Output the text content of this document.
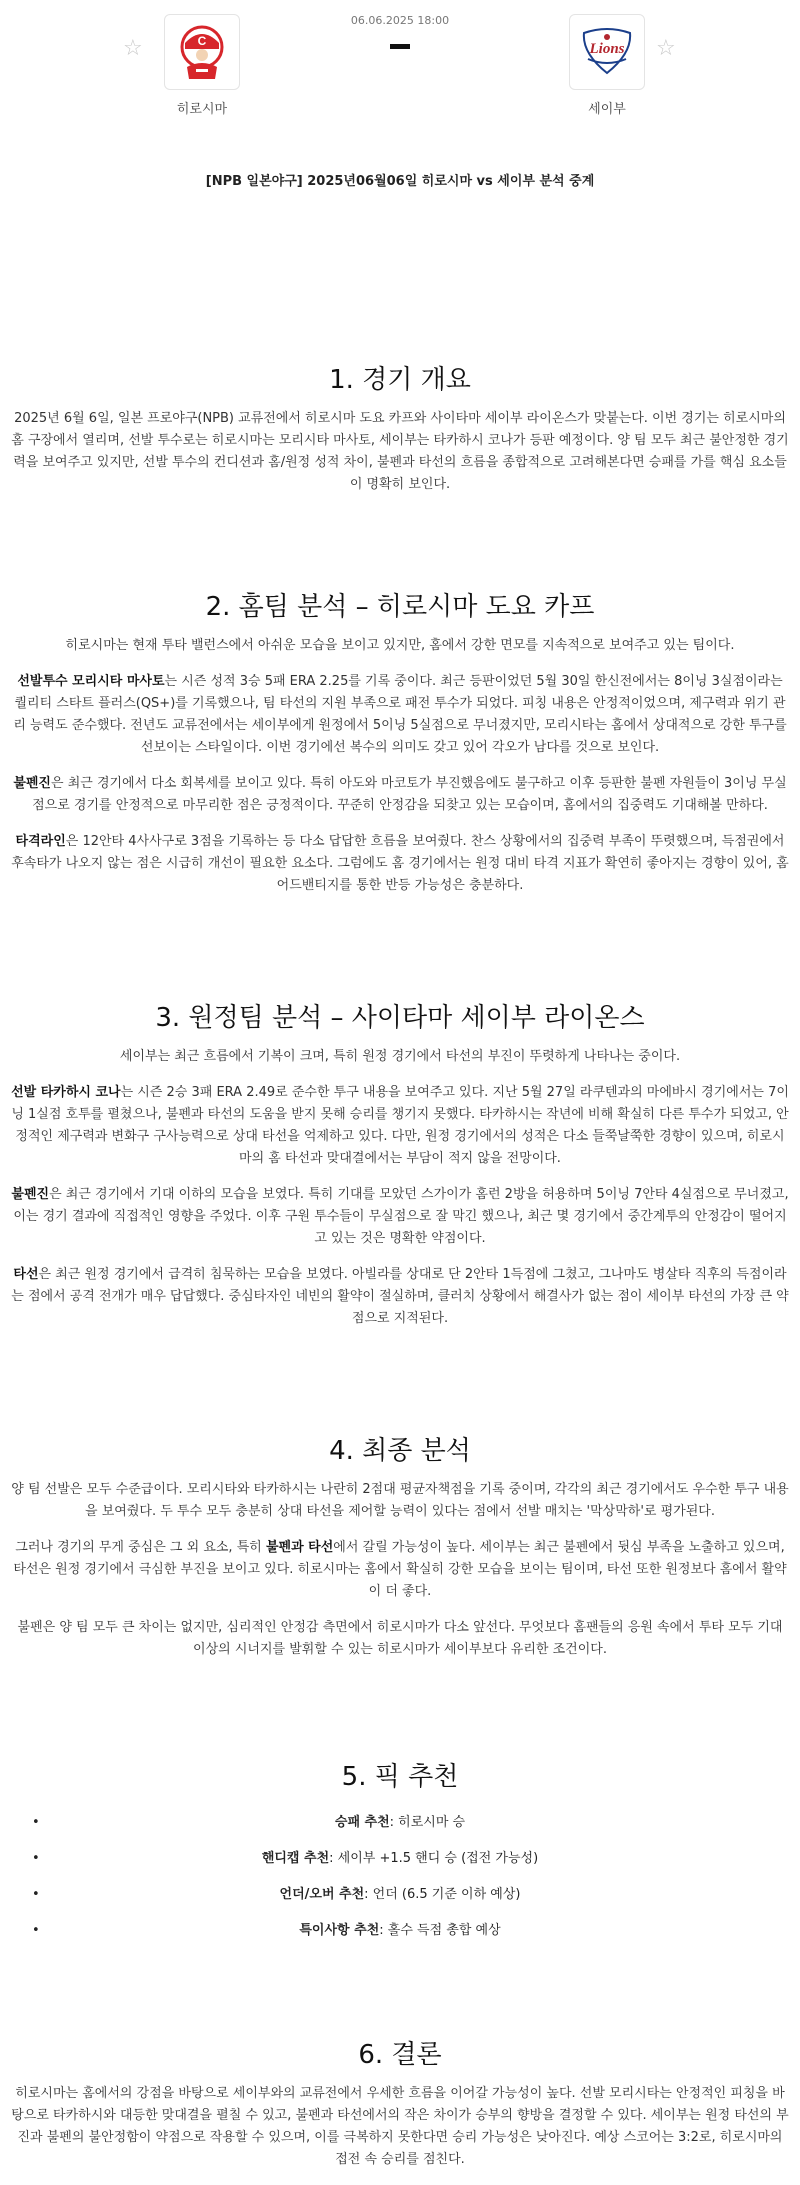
06.06.2025 18:00
☆	C
히로시마
Lions
세이부
☆
[NPB 일본야구] 2025년06월06일 히로시마 vs 세이부 분석 중계
1. 경기 개요

2025년 6월 6일, 일본 프로야구(NPB) 교류전에서 히로시마 도요 카프와 사이타마 세이부 라이온스가 맞붙는다. 이번 경기는 히로시마의 홈 구장에서 열리며, 선발 투수로는 히로시마는 모리시타 마사토, 세이부는 타카하시 코나가 등판 예정이다. 양 팀 모두 최근 불안정한 경기력을 보여주고 있지만, 선발 투수의 컨디션과 홈/원정 성적 차이, 불펜과 타선의 흐름을 종합적으로 고려해본다면 승패를 가를 핵심 요소들이 명확히 보인다.

2. 홈팀 분석 – 히로시마 도요 카프

히로시마는 현재 투타 밸런스에서 아쉬운 모습을 보이고 있지만, 홈에서 강한 면모를 지속적으로 보여주고 있는 팀이다.

선발투수 모리시타 마사토는 시즌 성적 3승 5패 ERA 2.25를 기록 중이다. 최근 등판이었던 5월 30일 한신전에서는 8이닝 3실점이라는 퀄리티 스타트 플러스(QS+)를 기록했으나, 팀 타선의 지원 부족으로 패전 투수가 되었다. 피칭 내용은 안정적이었으며, 제구력과 위기 관리 능력도 준수했다. 전년도 교류전에서는 세이부에게 원정에서 5이닝 5실점으로 무너졌지만, 모리시타는 홈에서 상대적으로 강한 투구를 선보이는 스타일이다. 이번 경기에선 복수의 의미도 갖고 있어 각오가 남다를 것으로 보인다.

불펜진은 최근 경기에서 다소 회복세를 보이고 있다. 특히 아도와 마코토가 부진했음에도 불구하고 이후 등판한 불펜 자원들이 3이닝 무실점으로 경기를 안정적으로 마무리한 점은 긍정적이다. 꾸준히 안정감을 되찾고 있는 모습이며, 홈에서의 집중력도 기대해볼 만하다.

타격라인은 12안타 4사사구로 3점을 기록하는 등 다소 답답한 흐름을 보여줬다. 찬스 상황에서의 집중력 부족이 뚜렷했으며, 득점권에서 후속타가 나오지 않는 점은 시급히 개선이 필요한 요소다. 그럼에도 홈 경기에서는 원정 대비 타격 지표가 확연히 좋아지는 경향이 있어, 홈 어드밴티지를 통한 반등 가능성은 충분하다.

3. 원정팀 분석 – 사이타마 세이부 라이온스

세이부는 최근 흐름에서 기복이 크며, 특히 원정 경기에서 타선의 부진이 뚜렷하게 나타나는 중이다.

선발 타카하시 코나는 시즌 2승 3패 ERA 2.49로 준수한 투구 내용을 보여주고 있다. 지난 5월 27일 라쿠텐과의 마에바시 경기에서는 7이닝 1실점 호투를 펼쳤으나, 불펜과 타선의 도움을 받지 못해 승리를 챙기지 못했다. 타카하시는 작년에 비해 확실히 다른 투수가 되었고, 안정적인 제구력과 변화구 구사능력으로 상대 타선을 억제하고 있다. 다만, 원정 경기에서의 성적은 다소 들쭉날쭉한 경향이 있으며, 히로시마의 홈 타선과 맞대결에서는 부담이 적지 않을 전망이다.

불펜진은 최근 경기에서 기대 이하의 모습을 보였다. 특히 기대를 모았던 스가이가 홈런 2방을 허용하며 5이닝 7안타 4실점으로 무너졌고, 이는 경기 결과에 직접적인 영향을 주었다. 이후 구원 투수들이 무실점으로 잘 막긴 했으나, 최근 몇 경기에서 중간계투의 안정감이 떨어지고 있는 것은 명확한 약점이다.

타선은 최근 원정 경기에서 급격히 침묵하는 모습을 보였다. 아빌라를 상대로 단 2안타 1득점에 그쳤고, 그나마도 병살타 직후의 득점이라는 점에서 공격 전개가 매우 답답했다. 중심타자인 네빈의 활약이 절실하며, 클러치 상황에서 해결사가 없는 점이 세이부 타선의 가장 큰 약점으로 지적된다.

4. 최종 분석

양 팀 선발은 모두 수준급이다. 모리시타와 타카하시는 나란히 2점대 평균자책점을 기록 중이며, 각각의 최근 경기에서도 우수한 투구 내용을 보여줬다. 두 투수 모두 충분히 상대 타선을 제어할 능력이 있다는 점에서 선발 매치는 '막상막하'로 평가된다.

그러나 경기의 무게 중심은 그 외 요소, 특히 불펜과 타선에서 갈릴 가능성이 높다. 세이부는 최근 불펜에서 뒷심 부족을 노출하고 있으며, 타선은 원정 경기에서 극심한 부진을 보이고 있다. 히로시마는 홈에서 확실히 강한 모습을 보이는 팀이며, 타선 또한 원정보다 홈에서 활약이 더 좋다.

불펜은 양 팀 모두 큰 차이는 없지만, 심리적인 안정감 측면에서 히로시마가 다소 앞선다. 무엇보다 홈팬들의 응원 속에서 투타 모두 기대 이상의 시너지를 발휘할 수 있는 히로시마가 세이부보다 유리한 조건이다.

5. 픽 추천
•	승패 추천: 히로시마 승
•	핸디캡 추천: 세이부 +1.5 핸디 승 (접전 가능성)
•	언더/오버 추천: 언더 (6.5 기준 이하 예상)
•	특이사항 추천: 홀수 득점 총합 예상
6. 결론

히로시마는 홈에서의 강점을 바탕으로 세이부와의 교류전에서 우세한 흐름을 이어갈 가능성이 높다. 선발 모리시타는 안정적인 피칭을 바탕으로 타카하시와 대등한 맞대결을 펼칠 수 있고, 불펜과 타선에서의 작은 차이가 승부의 향방을 결정할 수 있다. 세이부는 원정 타선의 부진과 불펜의 불안정함이 약점으로 작용할 수 있으며, 이를 극복하지 못한다면 승리 가능성은 낮아진다. 예상 스코어는 3:2로, 히로시마의 접전 속 승리를 점친다.
